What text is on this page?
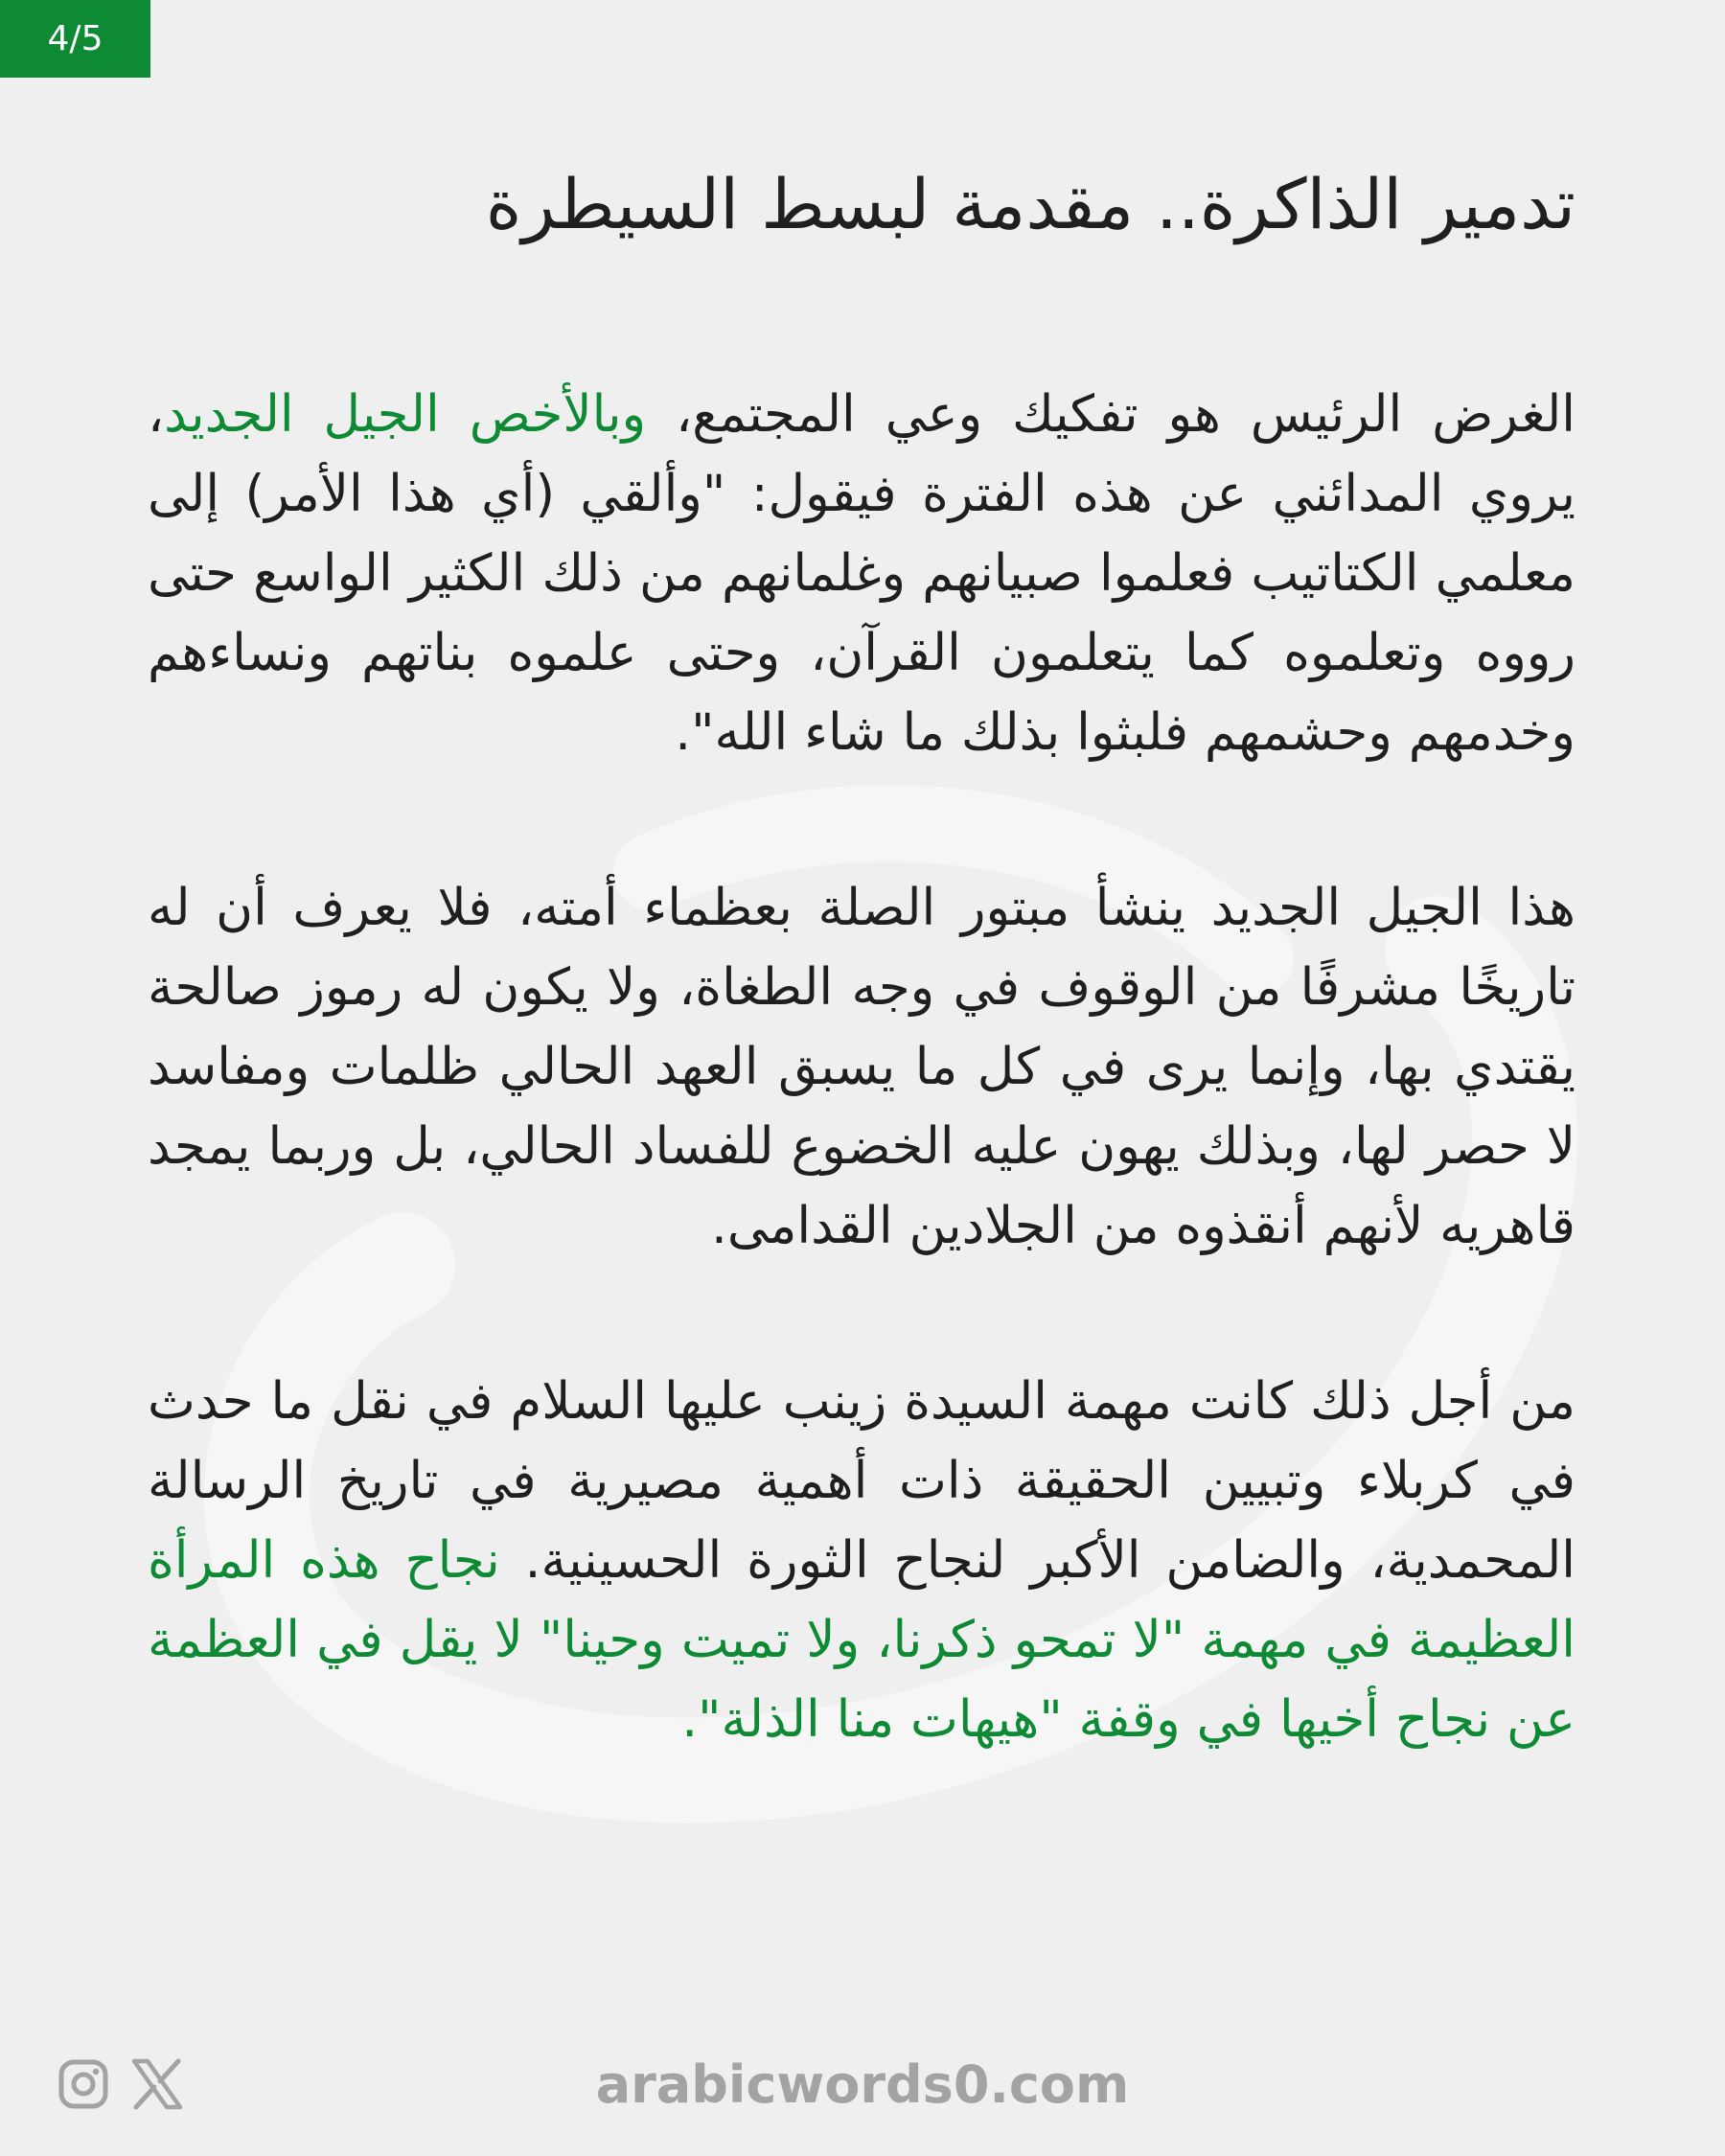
4/5
تدمير الذاكرة.. مقدمة لبسط السيطرة

الغرض الرئيس هو تفكيك وعي المجتمع، وبالأخص الجيل الجديد، يروي المدائني عن هذه الفترة فيقول: "وألقي (أي هذا الأمر) إلى معلمي الكتاتيب فعلموا صبيانهم وغلمانهم من ذلك الكثير الواسع حتى رووه وتعلموه كما يتعلمون القرآن، وحتى علموه بناتهم ونساءهم وخدمهم وحشمهم فلبثوا بذلك ما شاء الله".

هذا الجيل الجديد ينشأ مبتور الصلة بعظماء أمته، فلا يعرف أن له تاريخًا مشرفًا من الوقوف في وجه الطغاة، ولا يكون له رموز صالحة يقتدي بها، وإنما يرى في كل ما يسبق العهد الحالي ظلمات ومفاسد لا حصر لها، وبذلك يهون عليه الخضوع للفساد الحالي، بل وربما يمجد قاهريه لأنهم أنقذوه من الجلادين القدامى.

من أجل ذلك كانت مهمة السيدة زينب عليها السلام في نقل ما حدث في كربلاء وتبيين الحقيقة ذات أهمية مصيرية في تاريخ الرسالة المحمدية، والضامن الأكبر لنجاح الثورة الحسينية. نجاح هذه المرأة العظيمة في مهمة "لا تمحو ذكرنا، ولا تميت وحينا" لا يقل في العظمة عن نجاح أخيها في وقفة "هيهات منا الذلة".

arabicwords0.com
